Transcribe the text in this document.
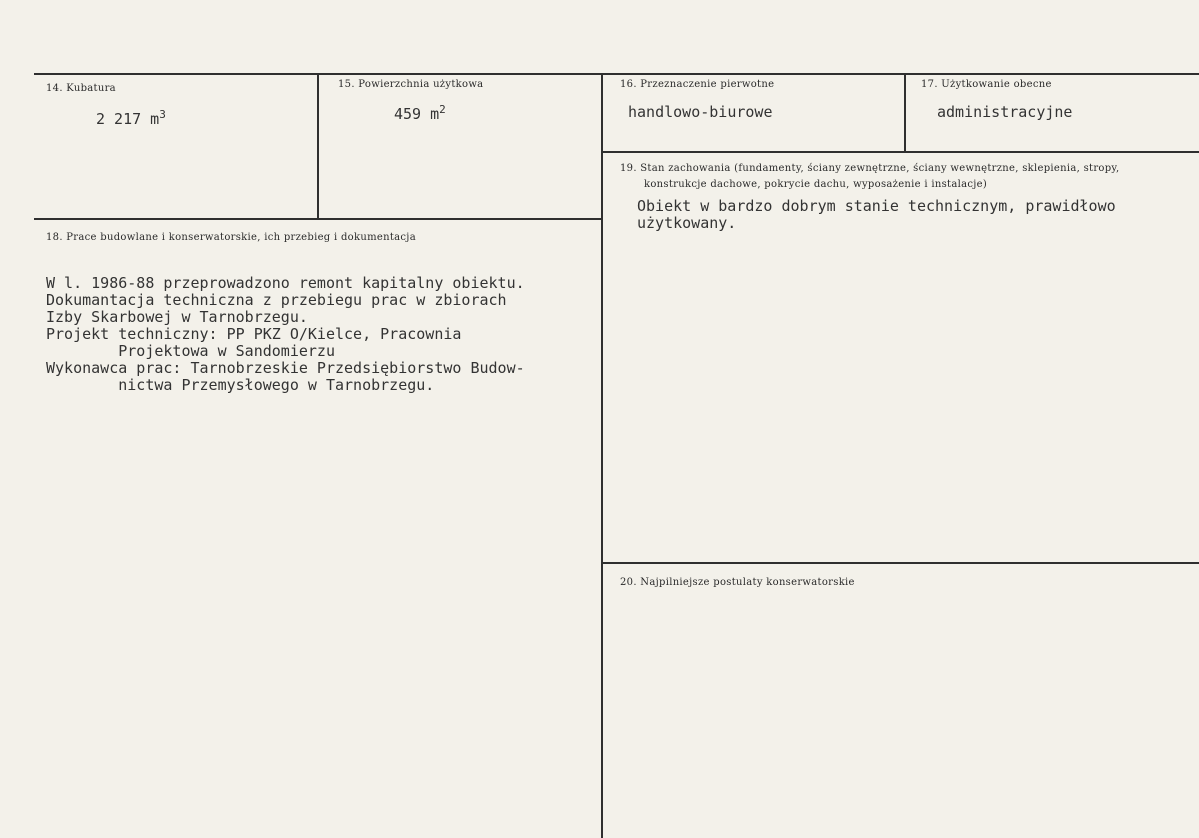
14. Kubatura
2 217 $m^3$
15. Powierzchnia użytkowa
459 $m^2$
16. Przeznaczenie pierwotne
handlowo-biurowe
17. Użytkowanie obecne
administracyjne
18. Prace budowlane i konserwatorskie, ich przebieg i dokumentacja
W l. 1986-88 przeprowadzono remont kapitalny obiektu.
Dokumantacja techniczna z przebiegu prac w zbiorach
Izby Skarbowej w Tarnobrzegu.
Projekt techniczny: PP PKZ O/Kielce, Pracownia
Projektowa w Sandomierzu
Wykonawca prac: Tarnobrzeskie Przedsiębiorstwo Budow-
nictwa Przemysłowego w Tarnobrzegu.
19. Stan zachowania (fundamenty, ściany zewnętrzne, ściany wewnętrzne, sklepienia, stropy,
konstrukcje dachowe, pokrycie dachu, wyposażenie i instalacje)
Obiekt w bardzo dobrym stanie technicznym, prawidłowo
użytkowany.
20. Najpilniejsze postulaty konserwatorskie
